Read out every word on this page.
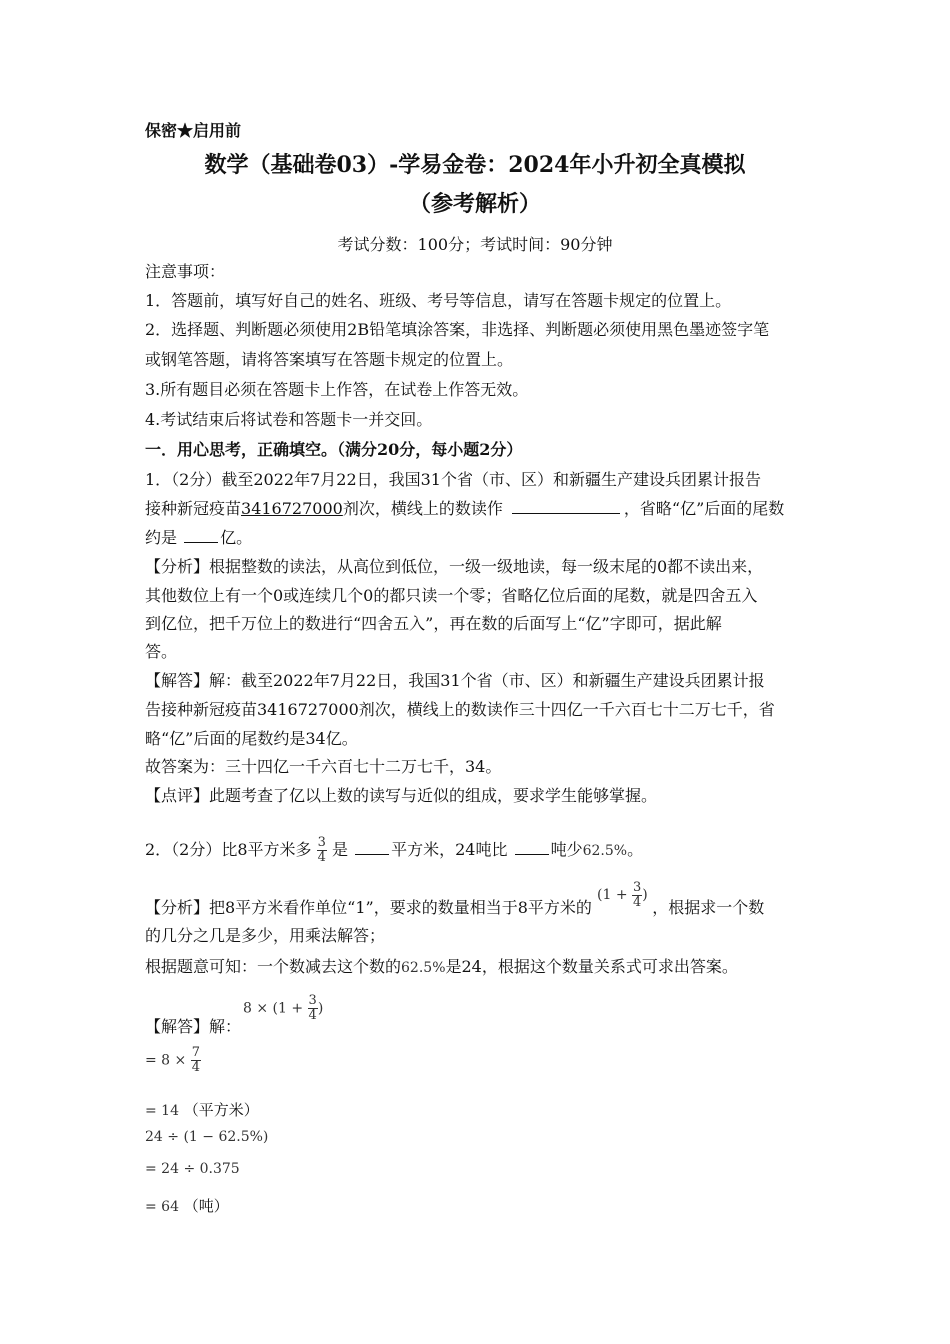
保密★启用前
数学（基础卷03）-学易金卷：2024年小升初全真模拟
（参考解析）
考试分数：100分；考试时间：90分钟
注意事项：
1．答题前，填写好自己的姓名、班级、考号等信息，请写在答题卡规定的位置上。
2．选择题、判断题必须使用2B铅笔填涂答案，非选择、判断题必须使用黑色墨迹签字笔
或钢笔答题，请将答案填写在答题卡规定的位置上。
3.所有题目必须在答题卡上作答，在试卷上作答无效。
4.考试结束后将试卷和答题卡一并交回。
一．用心思考，正确填空。（满分20分，每小题2分）
1．（2分）截至2022年7月22日，我国31个省（市、区）和新疆生产建设兵团累计报告
接种新冠疫苗3416727000剂次，横线上的数读作	，省略“亿”后面的尾数
约是	亿。
【分析】根据整数的读法，从高位到低位，一级一级地读，每一级末尾的0都不读出来，
其他数位上有一个0或连续几个0的都只读一个零；省略亿位后面的尾数，就是四舍五入
到亿位，把千万位上的数进行“四舍五入”，再在数的后面写上“亿”字即可，据此解
答。
【解答】解：截至2022年7月22日，我国31个省（市、区）和新疆生产建设兵团累计报
告接种新冠疫苗3416727000剂次，横线上的数读作三十四亿一千六百七十二万七千，省
略“亿”后面的尾数约是34亿。
故答案为：三十四亿一千六百七十二万七千，34。
【点评】此题考查了亿以上数的读写与近似的组成，要求学生能够掌握。
2．（2分）比8平方米多 $\frac{3}{4}$ 是	平方米，24吨比	吨少62.5%。
【分析】把8平方米看作单位“1”，要求的数量相当于8平方米的 ($1 + \frac{3}{4}$ ) ，根据求一个数
的几分之几是多少，用乘法解答；
根据题意可知：一个数减去这个数的62.5%是24，根据这个数量关系式可求出答案。
$8 \times (1 + \frac{3}{4}$ )
【解答】解：
= $8 \times \frac{7}{4}$
= 14 （平方米）
24 ÷ (1 − 62.5%)
= 24 ÷ 0.375
= 64 （吨）
